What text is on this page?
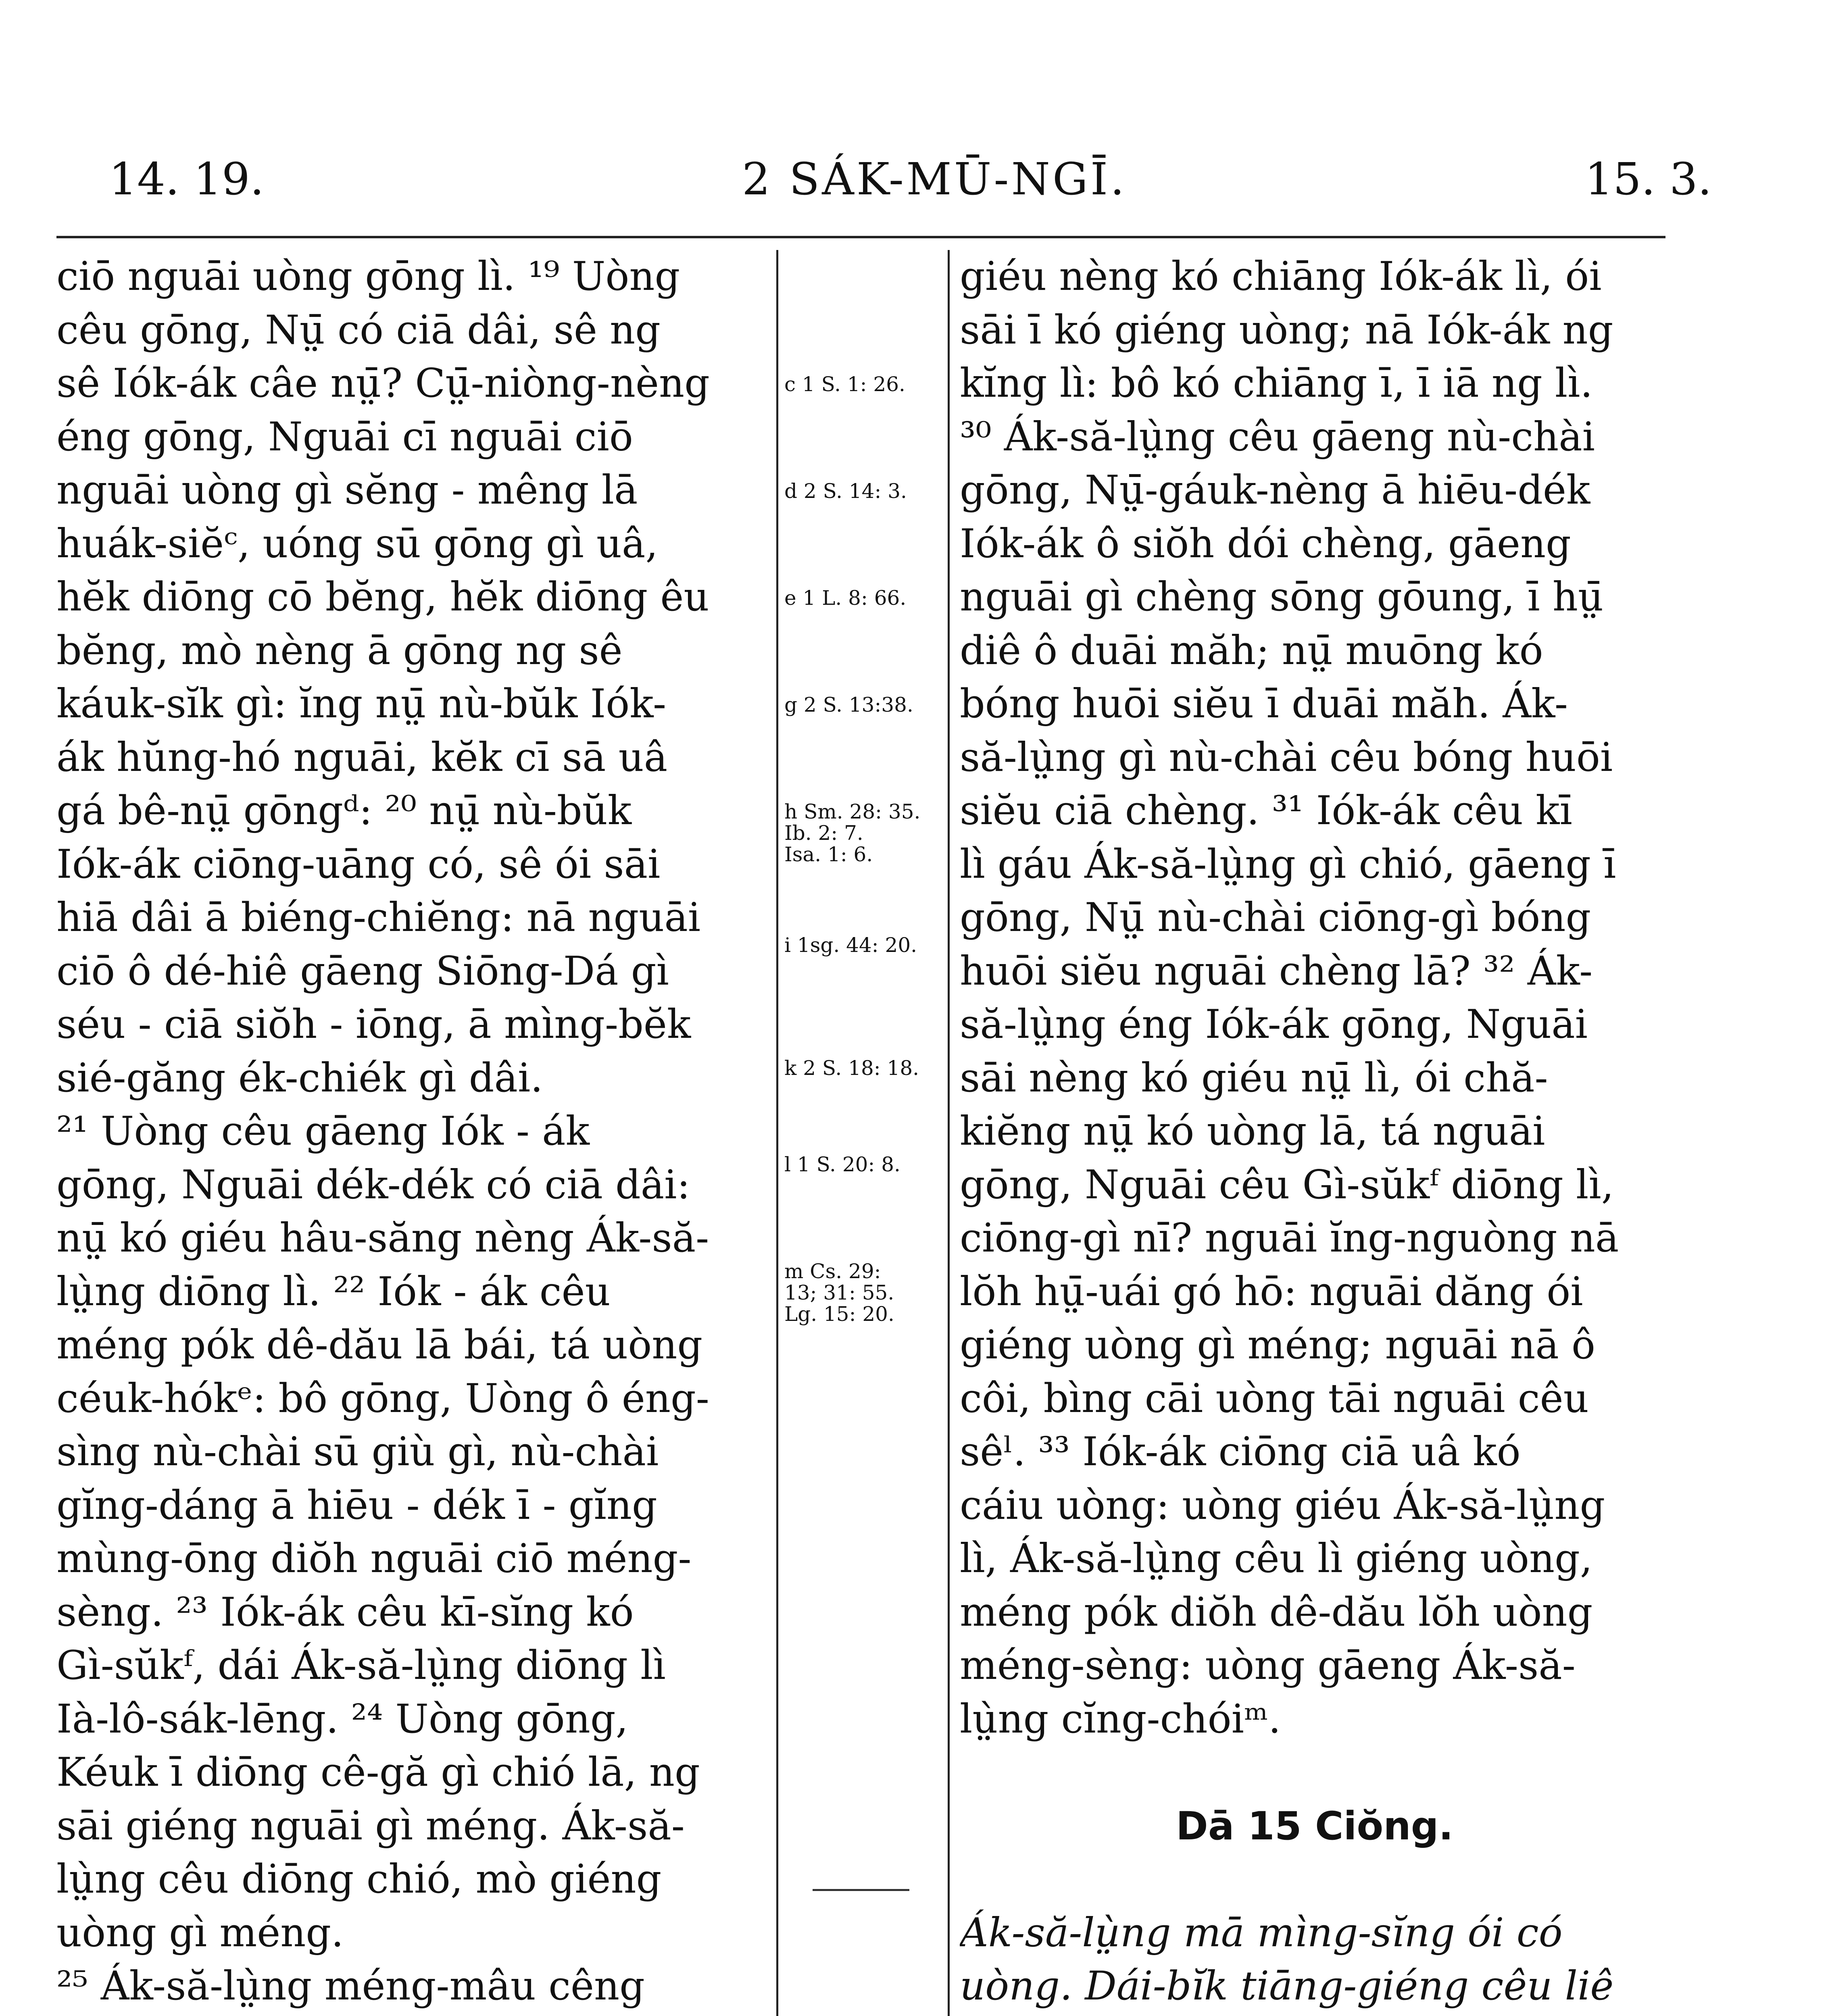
14. 19.	2 SÁK-MŪ-NGĪ.	15. 3.
ciō nguāi uòng gōng lì. ¹⁹ Uòng
cêu gōng, Nṳ̄ có ciā dâi, sê ng
sê Iók-ák câe nṳ̄? Cṳ̄-niòng-nèng
éng gōng, Nguāi cī nguāi ciō
nguāi uòng gì sĕng - mêng lā
huák-siĕᶜ, uóng sū gōng gì uâ,
hĕk diōng cō bĕng, hĕk diōng êu
bĕng, mò nèng ā gōng ng sê
káuk-sĭk gì: ĭng nṳ̄ nù-bŭk Iók-
ák hŭng-hó nguāi, kĕk cī sā uâ
gá bê-nṳ̄ gōngᵈ: ²⁰ nṳ̄ nù-bŭk
Iók-ák ciōng-uāng có, sê ói sāi
hiā dâi ā biéng-chiĕng: nā nguāi
ciō ô dé-hiê gāeng Siōng-Dá gì
séu - ciā siŏh - iōng, ā mìng-bĕk
sié-găng ék-chiék gì dâi.
²¹ Uòng cêu gāeng Iók - ák
gōng, Nguāi dék-dék có ciā dâi:
nṳ̄ kó giéu hâu-săng nèng Ák-să-
lṳ̀ng diōng lì. ²² Iók - ák cêu
méng pók dê-dău lā bái, tá uòng
céuk-hókᵉ: bô gōng, Uòng ô éng-
sìng nù-chài sū giù gì, nù-chài
gĭng-dáng ā hiēu - dék ī - gĭng
mùng-ōng diŏh nguāi ciō méng-
sèng. ²³ Iók-ák cêu kī-sĭng kó
Gì-sŭkᶠ, dái Ák-să-lṳ̀ng diōng lì
Ià-lô-sák-lēng. ²⁴ Uòng gōng,
Kéuk ī diōng cê-gă gì chió lā, ng
sāi giéng nguāi gì méng. Ák-să-
lṳ̀ng cêu diōng chió, mò giéng
uòng gì méng.
²⁵ Ák-să-lṳ̀ng méng-mâu cêng
c 1 S. 1: 26.
d 2 S. 14: 3.
e 1 L. 8: 66.
g 2 S. 13:38.
h Sm. 28: 35.
Ib. 2: 7.
Isa. 1: 6.
i 1sg. 44: 20.
k 2 S. 18: 18.
l 1 S. 20: 8.
m Cs. 29:
13; 31: 55.
Lg. 15: 20.
giéu nèng kó chiāng Iók-ák lì, ói
sāi ī kó giéng uòng; nā Iók-ák ng
kĭng lì: bô kó chiāng ī, ī iā ng lì.
³⁰ Ák-să-lṳ̀ng cêu gāeng nù-chài
gōng, Nṳ̄-gáuk-nèng ā hiēu-dék
Iók-ák ô siŏh dói chèng, gāeng
nguāi gì chèng sōng gōung, ī hṳ̄
diê ô duāi măh; nṳ̄ muōng kó
bóng huōi siĕu ī duāi măh. Ák-
să-lṳ̀ng gì nù-chài cêu bóng huōi
siĕu ciā chèng. ³¹ Iók-ák cêu kī
lì gáu Ák-să-lṳ̀ng gì chió, gāeng ī
gōng, Nṳ̄ nù-chài ciōng-gì bóng
huōi siĕu nguāi chèng lā? ³² Ák-
să-lṳ̀ng éng Iók-ák gōng, Nguāi
sāi nèng kó giéu nṳ̄ lì, ói chă-
kiĕng nṳ̄ kó uòng lā, tá nguāi
gōng, Nguāi cêu Gì-sŭkᶠ diōng lì,
ciōng-gì nī? nguāi ĭng-nguòng nā
lŏh hṳ̄-uái gó hō: nguāi dăng ói
giéng uòng gì méng; nguāi nā ô
côi, bìng cāi uòng tāi nguāi cêu
sêˡ. ³³ Iók-ák ciōng ciā uâ kó
cáiu uòng: uòng giéu Ák-să-lṳ̀ng
lì, Ák-să-lṳ̀ng cêu lì giéng uòng,
méng pók diŏh dê-dău lŏh uòng
méng-sèng: uòng gāeng Ák-să-
lṳ̀ng cĭng-chóiᵐ.
Dā 15 Ciŏng.
Ák-să-lṳ̀ng mā mìng-sĭng ói có
uòng. Dái-bĭk tiāng-giéng cêu liê
